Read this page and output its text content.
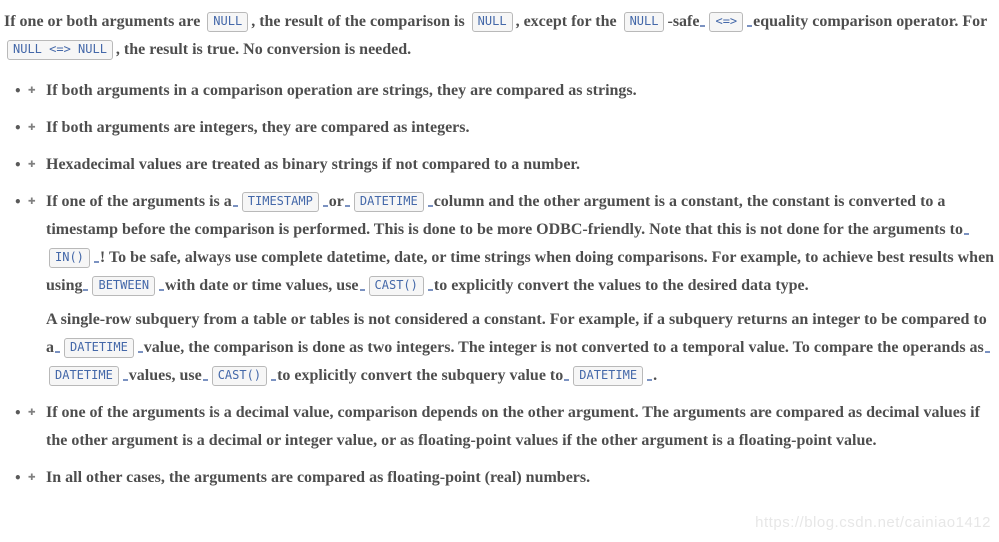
If one or both arguments are NULL , the result of the comparison is NULL , except for the NULL -safe <=> equality comparison operator. For NULL <=> NULL , the result is true. No conversion is needed.

• ✚ If both arguments in a comparison operation are strings, they are compared as strings.
• ✚ If both arguments are integers, they are compared as integers.
• ✚ Hexadecimal values are treated as binary strings if not compared to a number.
• ✚ If one of the arguments is a TIMESTAMP or DATETIME column and the other argument is a constant, the constant is converted to a timestamp before the comparison is performed. This is done to be more ODBC-friendly. Note that this is not done for the arguments toIN() ! To be safe, always use complete datetime, date, or time strings when doing comparisons. For example, to achieve best results when using BETWEEN with date or time values, use CAST() to explicitly convert the values to the desired data type.
A single-row subquery from a table or tables is not considered a constant. For example, if a subquery returns an integer to be compared to a DATETIME value, the comparison is done as two integers. The integer is not converted to a temporal value. To compare the operands asDATETIME values, use CAST() to explicitly convert the subquery value to DATETIME .
• ✚ If one of the arguments is a decimal value, comparison depends on the other argument. The arguments are compared as decimal values if the other argument is a decimal or integer value, or as floating-point values if the other argument is a floating-point value.
• ✚ In all other cases, the arguments are compared as floating-point (real) numbers.
https://blog.csdn.net/cainiao1412
